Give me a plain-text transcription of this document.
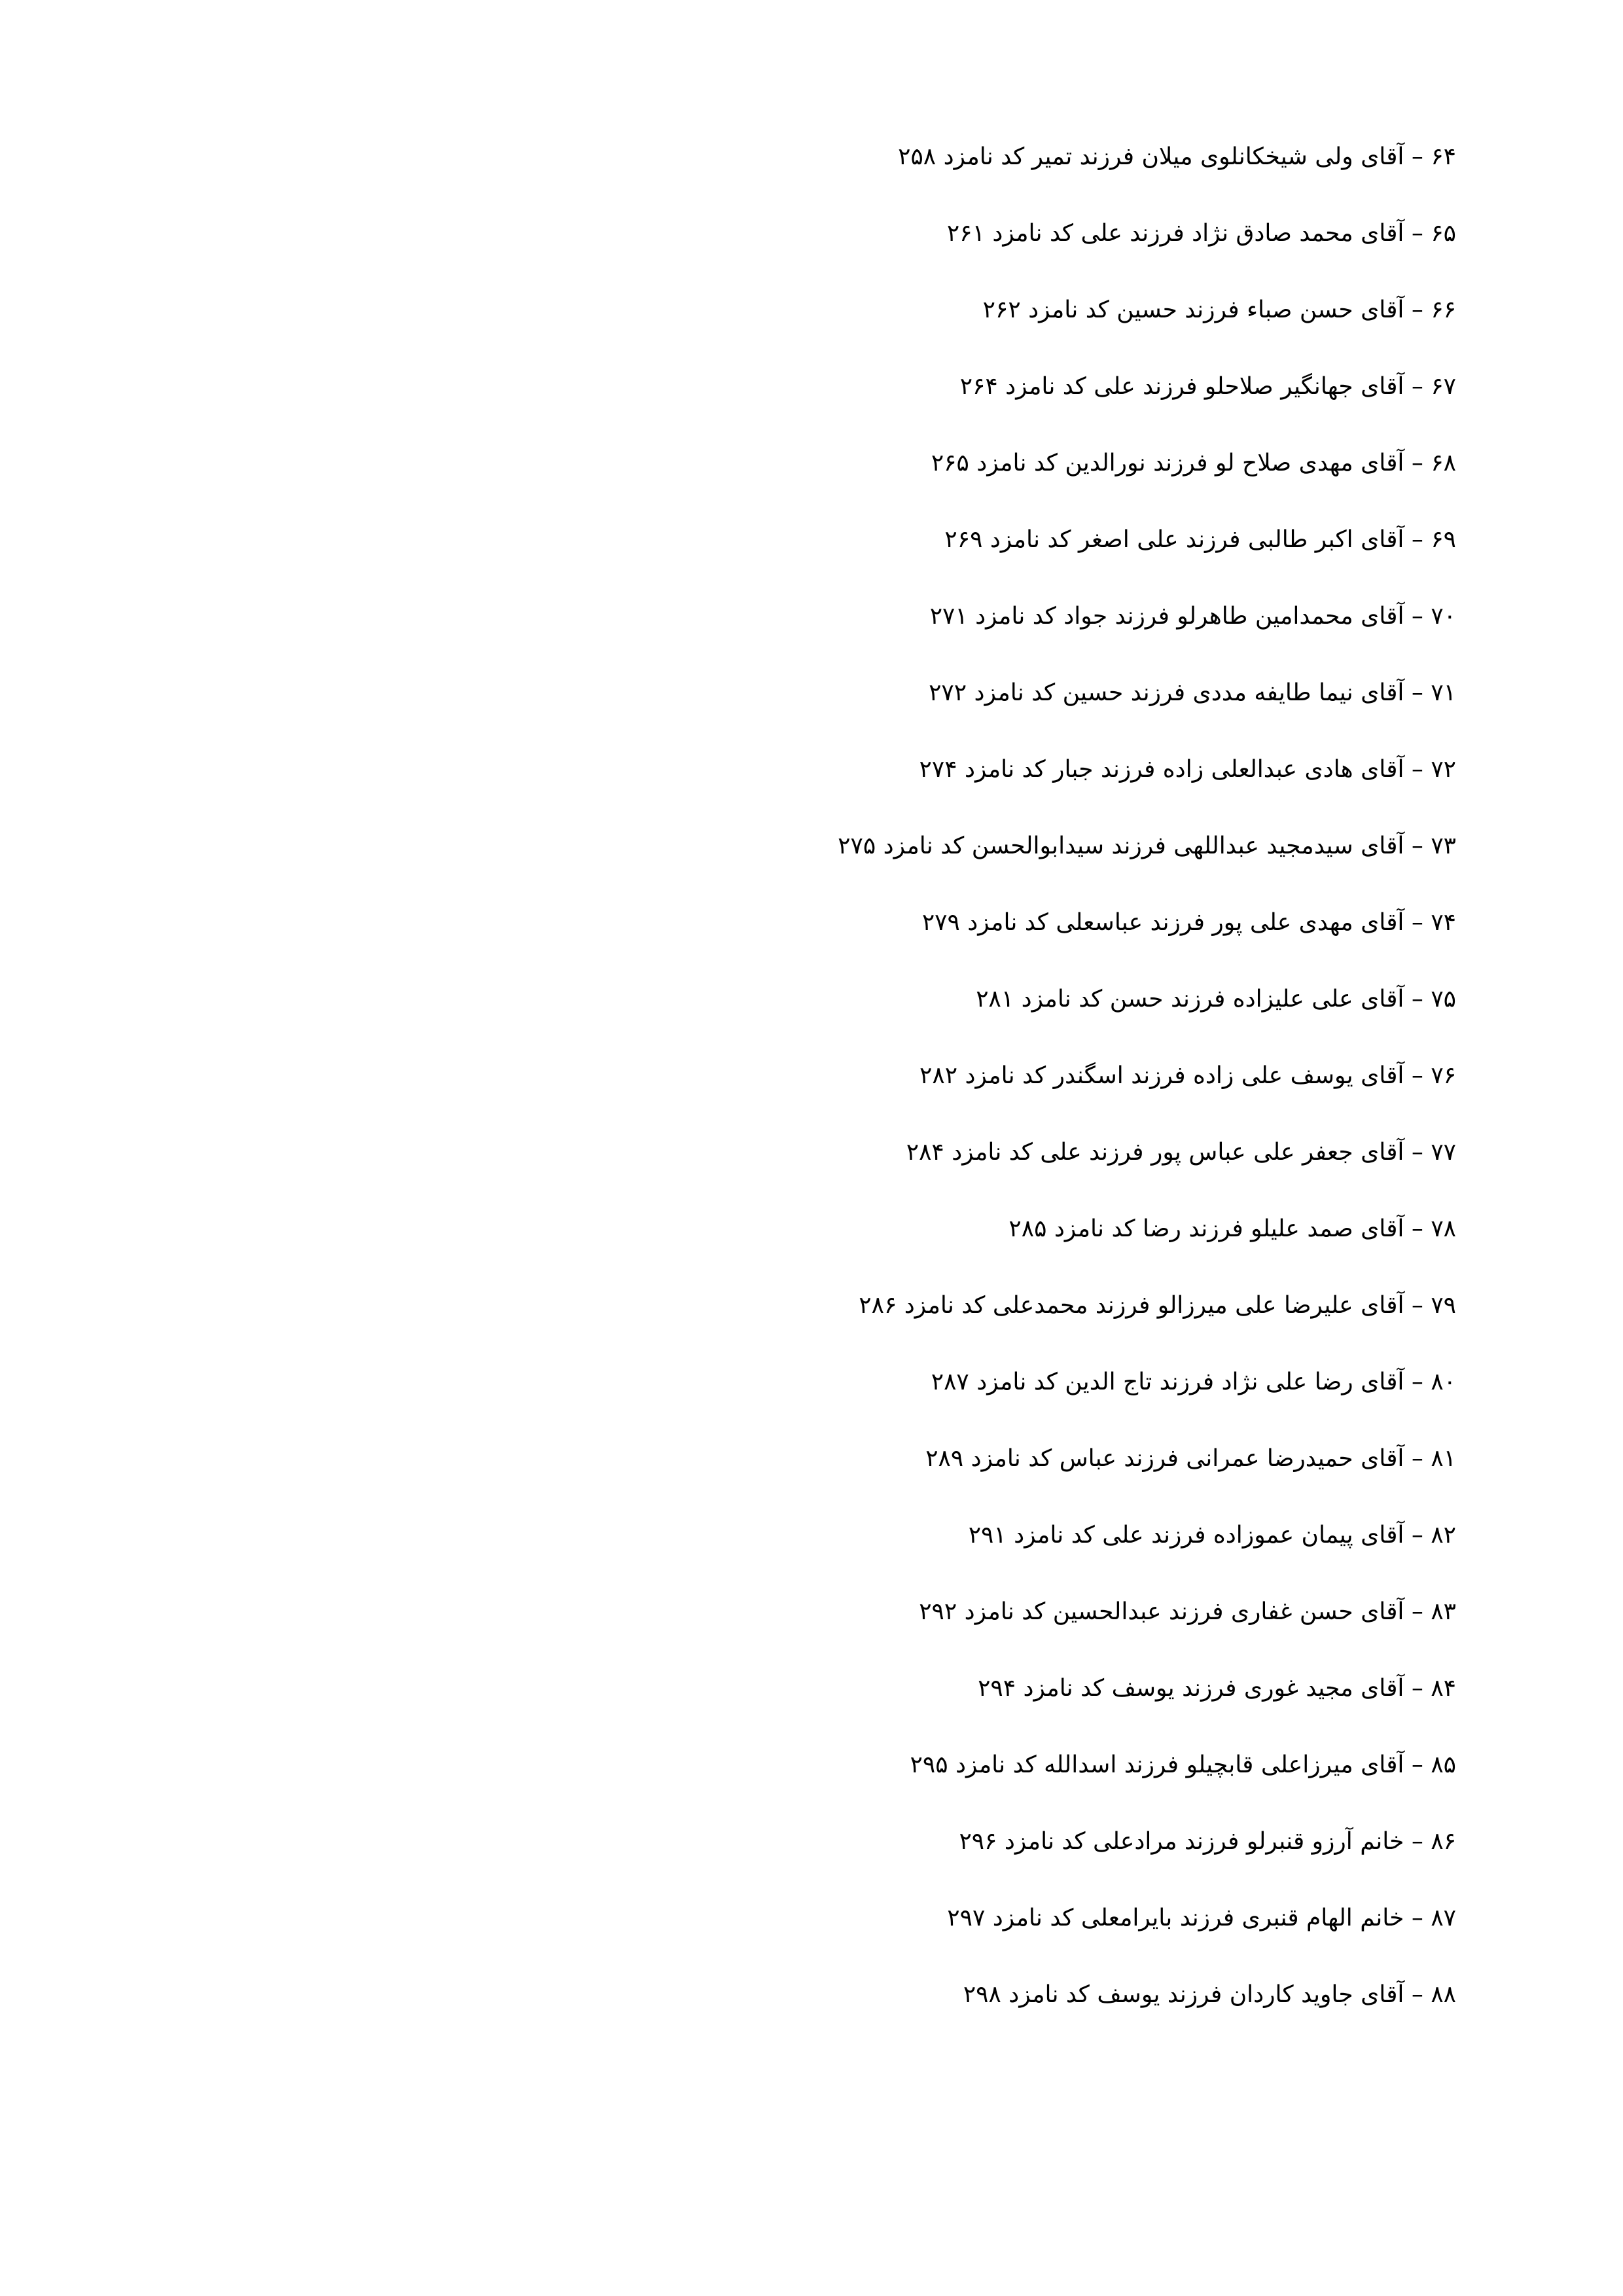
۶۴ – آقای ولی شیخکانلوی میلان فرزند تمیر کد نامزد ۲۵۸
۶۵ – آقای محمد صادق نژاد فرزند علی کد نامزد ۲۶۱
۶۶ – آقای حسن صباء فرزند حسین کد نامزد ۲۶۲
۶۷ – آقای جهانگیر صلاحلو فرزند علی کد نامزد ۲۶۴
۶۸ – آقای مهدی صلاح لو فرزند نورالدین کد نامزد ۲۶۵
۶۹ – آقای اکبر طالبی فرزند علی اصغر کد نامزد ۲۶۹
۷۰ – آقای محمدامین طاهرلو فرزند جواد کد نامزد ۲۷۱
۷۱ – آقای نیما طایفه مددی فرزند حسین کد نامزد ۲۷۲
۷۲ – آقای هادی عبدالعلی زاده فرزند جبار کد نامزد ۲۷۴
۷۳ – آقای سیدمجید عبداللهی فرزند سیدابوالحسن کد نامزد ۲۷۵
۷۴ – آقای مهدی علی پور فرزند عباسعلی کد نامزد ۲۷۹
۷۵ – آقای علی علیزاده فرزند حسن کد نامزد ۲۸۱
۷۶ – آقای یوسف علی زاده فرزند اسگندر کد نامزد ۲۸۲
۷۷ – آقای جعفر علی عباس پور فرزند علی کد نامزد ۲۸۴
۷۸ – آقای صمد علیلو فرزند رضا کد نامزد ۲۸۵
۷۹ – آقای علیرضا علی میرزالو فرزند محمدعلی کد نامزد ۲۸۶
۸۰ – آقای رضا علی نژاد فرزند تاج الدین کد نامزد ۲۸۷
۸۱ – آقای حمیدرضا عمرانی فرزند عباس کد نامزد ۲۸۹
۸۲ – آقای پیمان عموزاده فرزند علی کد نامزد ۲۹۱
۸۳ – آقای حسن غفاری فرزند عبدالحسین کد نامزد ۲۹۲
۸۴ – آقای مجید غوری فرزند یوسف کد نامزد ۲۹۴
۸۵ – آقای میرزاعلی قابچیلو فرزند اسدالله کد نامزد ۲۹۵
۸۶ – خانم آرزو قنبرلو فرزند مرادعلی کد نامزد ۲۹۶
۸۷ – خانم الهام قنبری فرزند بایرامعلی کد نامزد ۲۹۷
۸۸ – آقای جاوید کاردان فرزند یوسف کد نامزد ۲۹۸
